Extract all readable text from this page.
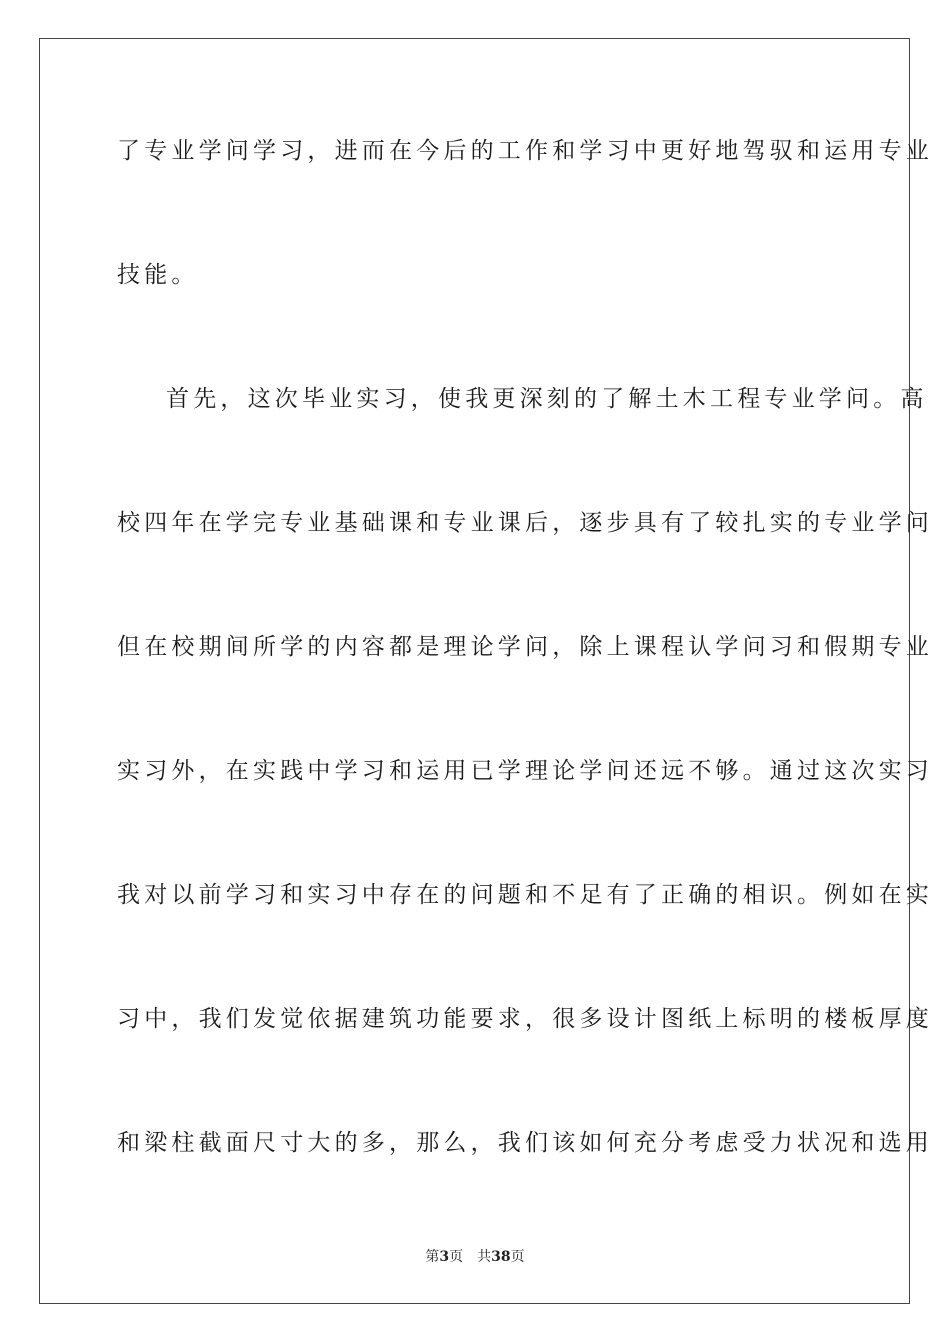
了专业学问学习，进而在今后的工作和学习中更好地驾驭和运用专业
技能。
首先，这次毕业实习，使我更深刻的了解土木工程专业学问。高
校四年在学完专业基础课和专业课后，逐步具有了较扎实的专业学问
但在校期间所学的内容都是理论学问，除上课程认学问习和假期专业
实习外，在实践中学习和运用已学理论学问还远不够。通过这次实习
我对以前学习和实习中存在的问题和不足有了正确的相识。例如在实
习中，我们发觉依据建筑功能要求，很多设计图纸上标明的楼板厚度
和梁柱截面尺寸大的多，那么，我们该如何充分考虑受力状况和选用
第3页 共38页
